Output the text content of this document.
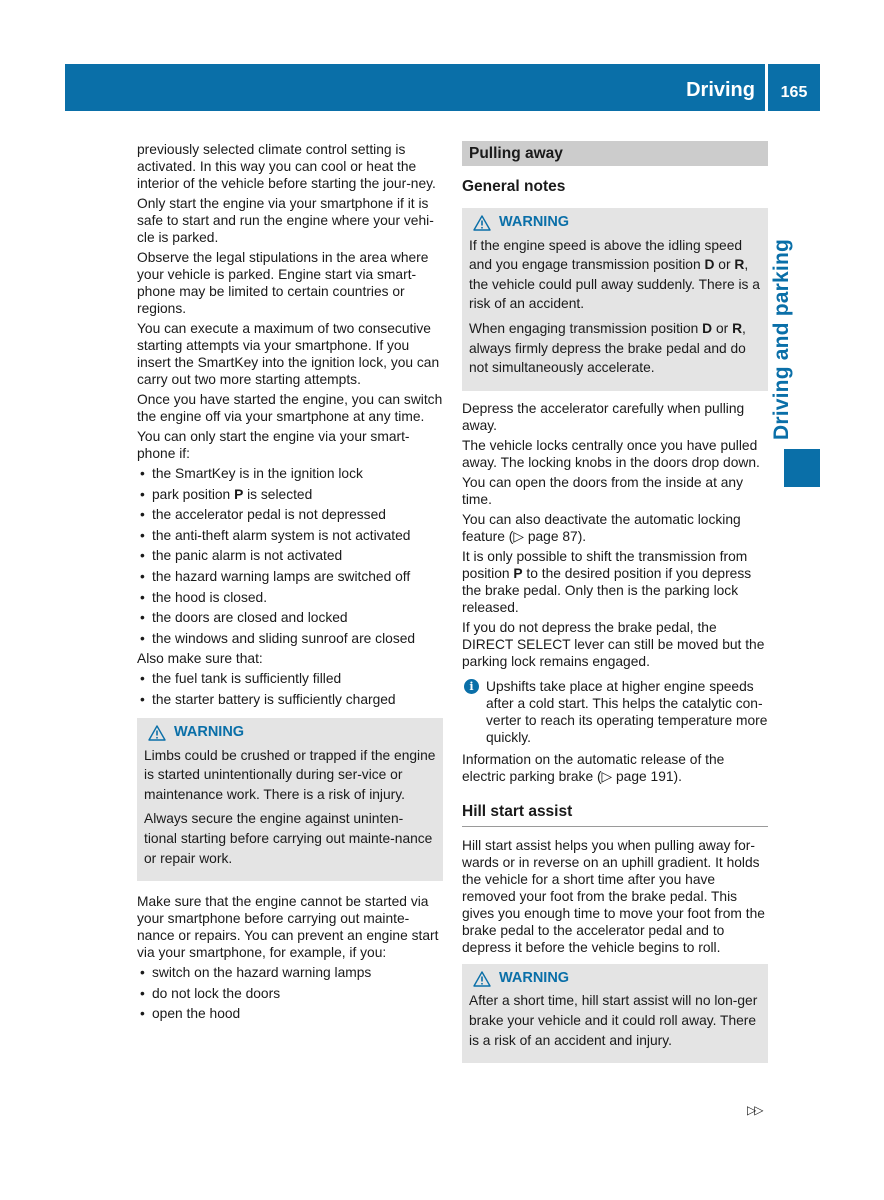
Driving	165
Driving and parking

previously selected climate control setting is activated. In this way you can cool or heat the interior of the vehicle before starting the jour-ney.

Only start the engine via your smartphone if it is safe to start and run the engine where your vehi-cle is parked.

Observe the legal stipulations in the area where your vehicle is parked. Engine start via smart-phone may be limited to certain countries or regions.

You can execute a maximum of two consecutive starting attempts via your smartphone. If you insert the SmartKey into the ignition lock, you can carry out two more starting attempts.

Once you have started the engine, you can switch the engine off via your smartphone at any time.

You can only start the engine via your smart-phone if:

• the SmartKey is in the ignition lock
• park position P is selected
• the accelerator pedal is not depressed
• the anti-theft alarm system is not activated
• the panic alarm is not activated
• the hazard warning lamps are switched off
• the hood is closed.
• the doors are closed and locked
• the windows and sliding sunroof are closed

Also make sure that:

• the fuel tank is sufficiently filled
• the starter battery is sufficiently charged
WARNING

Limbs could be crushed or trapped if the engine is started unintentionally during ser-vice or maintenance work. There is a risk of injury.

Always secure the engine against uninten-tional starting before carrying out mainte-nance or repair work.

Make sure that the engine cannot be started via your smartphone before carrying out mainte-nance or repairs. You can prevent an engine start via your smartphone, for example, if you:

• switch on the hazard warning lamps
• do not lock the doors
• open the hood
Pulling away
General notes
WARNING

If the engine speed is above the idling speed and you engage transmission position D or R, the vehicle could pull away suddenly. There is a risk of an accident.

When engaging transmission position D or R, always firmly depress the brake pedal and do not simultaneously accelerate.

Depress the accelerator carefully when pulling away.

The vehicle locks centrally once you have pulled away. The locking knobs in the doors drop down.

You can open the doors from the inside at any time.

You can also deactivate the automatic locking feature (▷ page 87).

It is only possible to shift the transmission from position P to the desired position if you depress the brake pedal. Only then is the parking lock released.

If you do not depress the brake pedal, the DIRECT SELECT lever can still be moved but the parking lock remains engaged.

i Upshifts take place at higher engine speeds after a cold start. This helps the catalytic con-verter to reach its operating temperature more quickly.

Information on the automatic release of the electric parking brake (▷ page 191).

Hill start assist

Hill start assist helps you when pulling away for-wards or in reverse on an uphill gradient. It holds the vehicle for a short time after you have removed your foot from the brake pedal. This gives you enough time to move your foot from the brake pedal to the accelerator pedal and to depress it before the vehicle begins to roll.

WARNING

After a short time, hill start assist will no lon-ger brake your vehicle and it could roll away. There is a risk of an accident and injury.

▷▷
